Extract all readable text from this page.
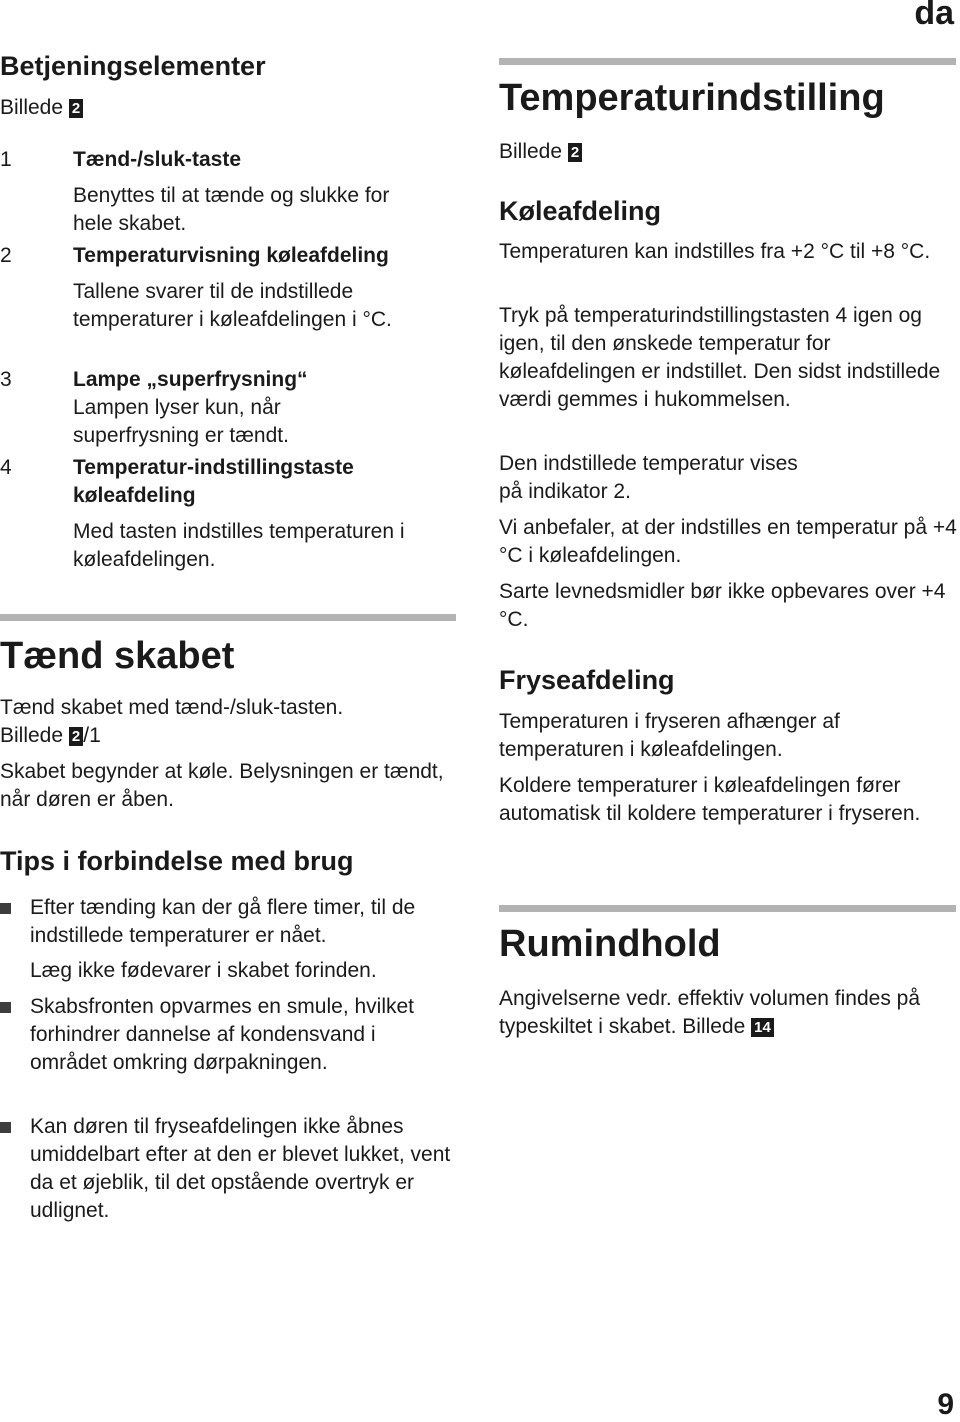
da
9

Betjeningselementer

Billede 2
1	Tænd-/sluk-taste
Benyttes til at tænde og slukke for hele skabet.
2	Temperaturvisning køleafdeling
Tallene svarer til de indstillede temperaturer i køleafdelingen i °C.
3	Lampe „superfrysning“
Lampen lyser kun, når superfrysning er tændt.
4	Temperatur-indstillingstaste køleafdeling
Med tasten indstilles temperaturen i køleafdelingen.

Tænd skabet

Tænd skabet med tænd-/sluk-tasten.
Billede 2 /1
Skabet begynder at køle. Belysningen er tændt, når døren er åben.

Tips i forbindelse med brug

Efter tænding kan der gå flere timer, til de indstillede temperaturer er nået.
Læg ikke fødevarer i skabet forinden.
Skabsfronten opvarmes en smule, hvilket forhindrer dannelse af kondensvand i området omkring dørpakningen.
Kan døren til fryseafdelingen ikke åbnes umiddelbart efter at den er blevet lukket, vent da et øjeblik, til det opstående overtryk er udlignet.

Temperaturindstilling

Billede 2

Køleafdeling

Temperaturen kan indstilles fra +2 °C til +8 °C.
Tryk på temperaturindstillingstasten 4 igen og igen, til den ønskede temperatur for køleafdelingen er indstillet. Den sidst indstillede værdi gemmes i hukommelsen.
Den indstillede temperatur vises på indikator 2.
Vi anbefaler, at der indstilles en temperatur på +4 °C i køleafdelingen.
Sarte levnedsmidler bør ikke opbevares over +4 °C.

Fryseafdeling

Temperaturen i fryseren afhænger af temperaturen i køleafdelingen.
Koldere temperaturer i køleafdelingen fører automatisk til koldere temperaturer i fryseren.

Rumindhold

Angivelserne vedr. effektiv volumen findes på typeskiltet i skabet. Billede 14
